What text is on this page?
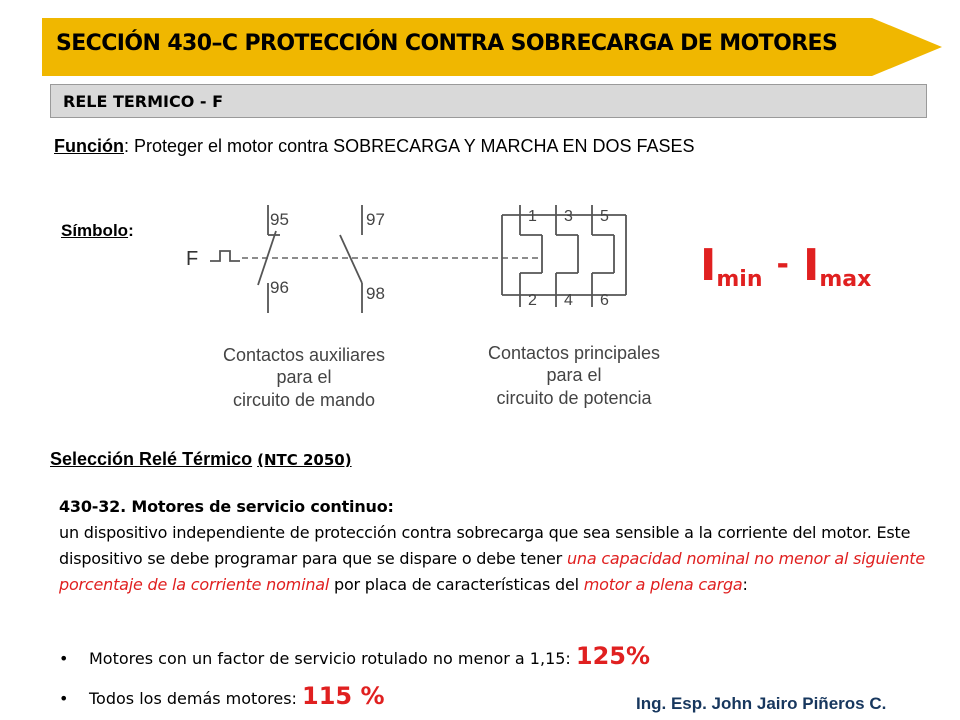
SECCIÓN 430–C PROTECCIÓN CONTRA SOBRECARGA DE MOTORES
RELE TERMICO - F
Función: Proteger el motor contra SOBRECARGA Y MARCHA EN DOS FASES
Símbolo:
F
95
96
97
98
1 3 5
2 4 6
Contactos auxiliares
para el
circuito de mando
Contactos principales
para el
circuito de potencia
$I_{min} - I_{max}$
Selección Relé Térmico (NTC 2050)
430-32. Motores de servicio continuo:
un dispositivo independiente de protección contra sobrecarga que sea sensible a la corriente del motor. Este dispositivo se debe programar para que se dispare o debe tener una capacidad nominal no menor al siguiente porcentaje de la corriente nominal por placa de características del motor a plena carga:
• Motores con un factor de servicio rotulado no menor a 1,15: 125%
• Todos los demás motores: 115 %	Ing. Esp. John Jairo Piñeros C.
